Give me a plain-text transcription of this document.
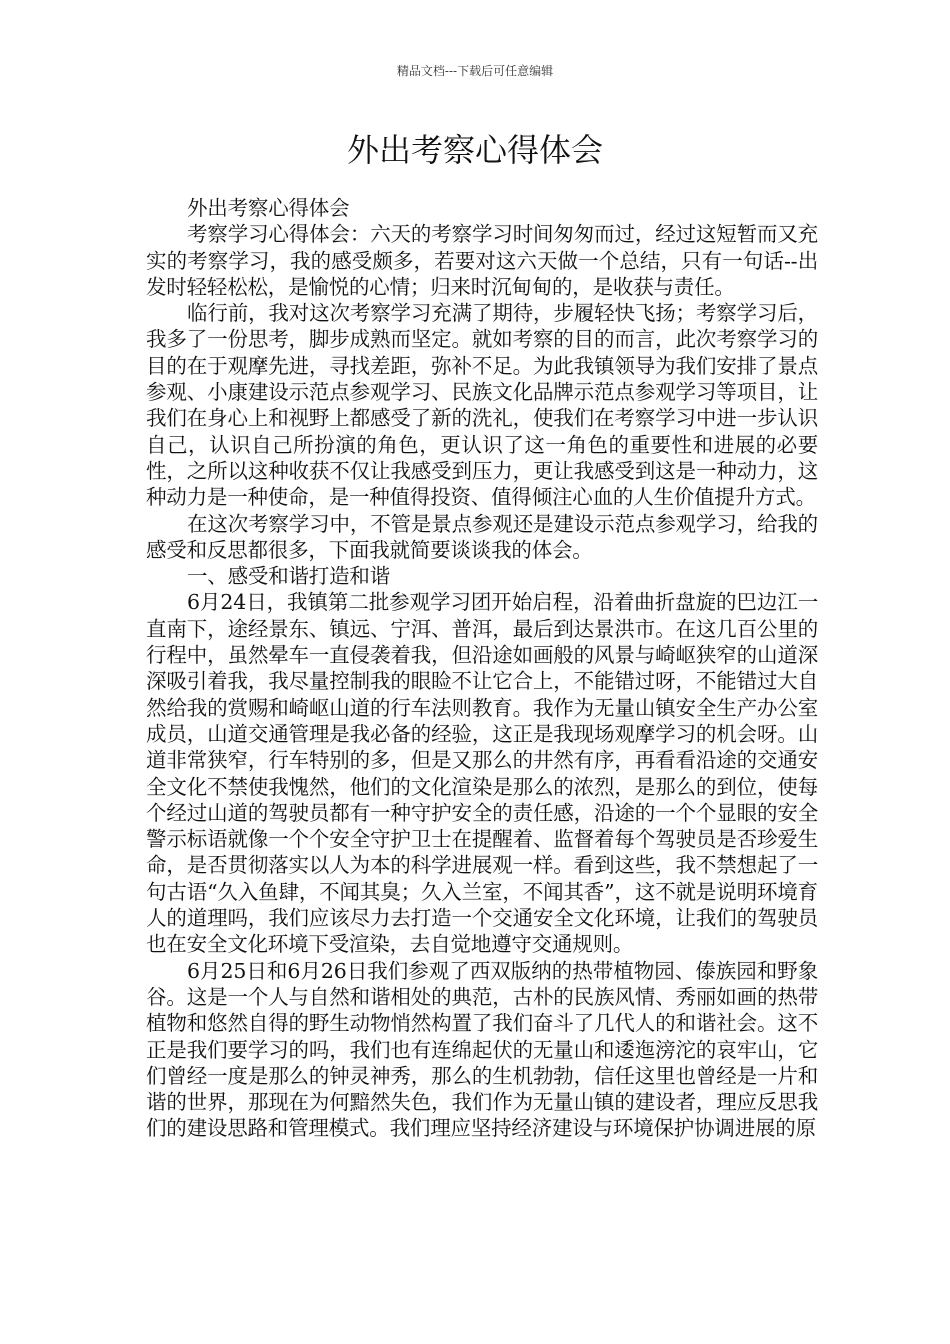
精品文档---下载后可任意编辑
外出考察心得体会

外出考察心得体会

考察学习心得体会：六天的考察学习时间匆匆而过，经过这短暂而又充实的考察学习，我的感受颇多，若要对这六天做一个总结，只有一句话--出发时轻轻松松，是愉悦的心情；归来时沉甸甸的，是收获与责任。

临行前，我对这次考察学习充满了期待，步履轻快飞扬；考察学习后，我多了一份思考，脚步成熟而坚定。就如考察的目的而言，此次考察学习的目的在于观摩先进，寻找差距，弥补不足。为此我镇领导为我们安排了景点参观、小康建设示范点参观学习、民族文化品牌示范点参观学习等项目，让我们在身心上和视野上都感受了新的洗礼，使我们在考察学习中进一步认识自己，认识自己所扮演的角色，更认识了这一角色的重要性和进展的必要性，之所以这种收获不仅让我感受到压力，更让我感受到这是一种动力，这种动力是一种使命，是一种值得投资、值得倾注心血的人生价值提升方式。

在这次考察学习中，不管是景点参观还是建设示范点参观学习，给我的感受和反思都很多，下面我就简要谈谈我的体会。

一、感受和谐打造和谐

6月24日，我镇第二批参观学习团开始启程，沿着曲折盘旋的巴边江一直南下，途经景东、镇远、宁洱、普洱，最后到达景洪市。在这几百公里的行程中，虽然晕车一直侵袭着我，但沿途如画般的风景与崎岖狭窄的山道深深吸引着我，我尽量控制我的眼睑不让它合上，不能错过呀，不能错过大自然给我的赏赐和崎岖山道的行车法则教育。我作为无量山镇安全生产办公室成员，山道交通管理是我必备的经验，这正是我现场观摩学习的机会呀。山道非常狭窄，行车特别的多，但是又那么的井然有序，再看看沿途的交通安全文化不禁使我愧然，他们的文化渲染是那么的浓烈，是那么的到位，使每个经过山道的驾驶员都有一种守护安全的责任感，沿途的一个个显眼的安全警示标语就像一个个安全守护卫士在提醒着、监督着每个驾驶员是否珍爱生命，是否贯彻落实以人为本的科学进展观一样。看到这些，我不禁想起了一句古语“久入鱼肆，不闻其臭；久入兰室，不闻其香”，这不就是说明环境育人的道理吗，我们应该尽力去打造一个交通安全文化环境，让我们的驾驶员也在安全文化环境下受渲染，去自觉地遵守交通规则。

6月25日和6月26日我们参观了西双版纳的热带植物园、傣族园和野象谷。这是一个人与自然和谐相处的典范，古朴的民族风情、秀丽如画的热带植物和悠然自得的野生动物悄然构置了我们奋斗了几代人的和谐社会。这不正是我们要学习的吗，我们也有连绵起伏的无量山和逶迤滂沱的哀牢山，它们曾经一度是那么的钟灵神秀，那么的生机勃勃，信任这里也曾经是一片和谐的世界，那现在为何黯然失色，我们作为无量山镇的建设者，理应反思我们的建设思路和管理模式。我们理应坚持经济建设与环境保护协调进展的原
